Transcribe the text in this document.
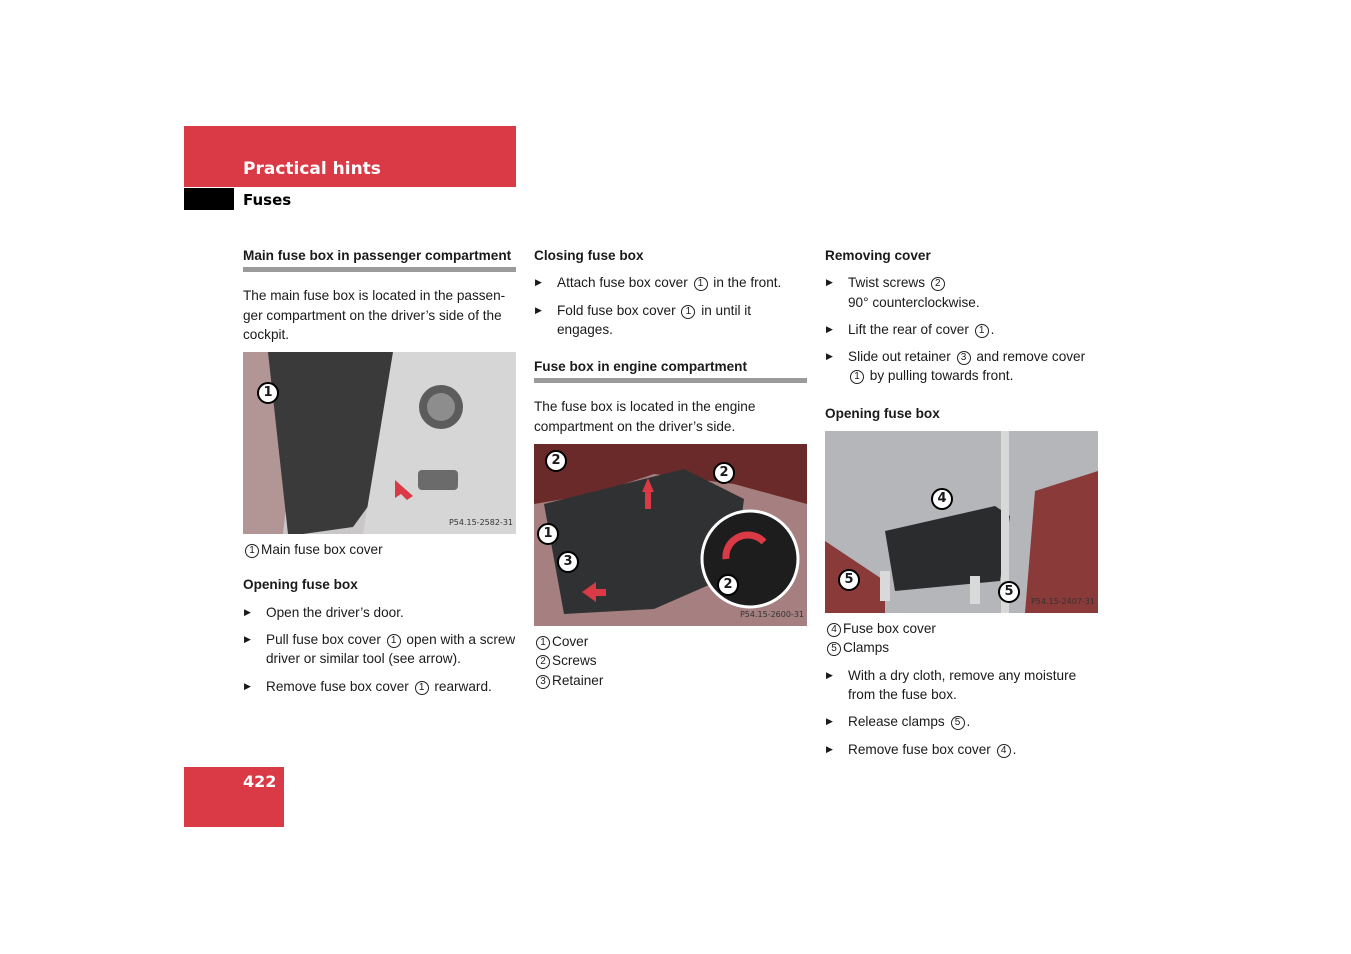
Practical hints
Fuses
Main fuse box in passenger compartment
The main fuse box is located in the passen-ger compartment on the driver’s side of the cockpit.
1
P54.15-2582-31
1 Main fuse box cover
Opening fuse box
▶ Open the driver’s door.
▶ Pull fuse box cover 1 open with a screw driver or similar tool (see arrow).
▶ Remove fuse box cover 1 rearward.
Closing fuse box
▶ Attach fuse box cover 1 in the front.
▶ Fold fuse box cover 1 in until it engages.
Fuse box in engine compartment
The fuse box is located in the engine compartment on the driver’s side.
2
2
1
3
2
P54.15-2600-31
1 Cover
2 Screws
3 Retainer
Removing cover
▶ Twist screws 2
90° counterclockwise.
▶ Lift the rear of cover 1 .
▶ Slide out retainer 3 and remove cover 1 by pulling towards front.
Opening fuse box
4
5
5
P54.15-2407-31
4 Fuse box cover
5 Clamps
▶ With a dry cloth, remove any moisture from the fuse box.
▶ Release clamps 5 .
▶ Remove fuse box cover 4 .
422
